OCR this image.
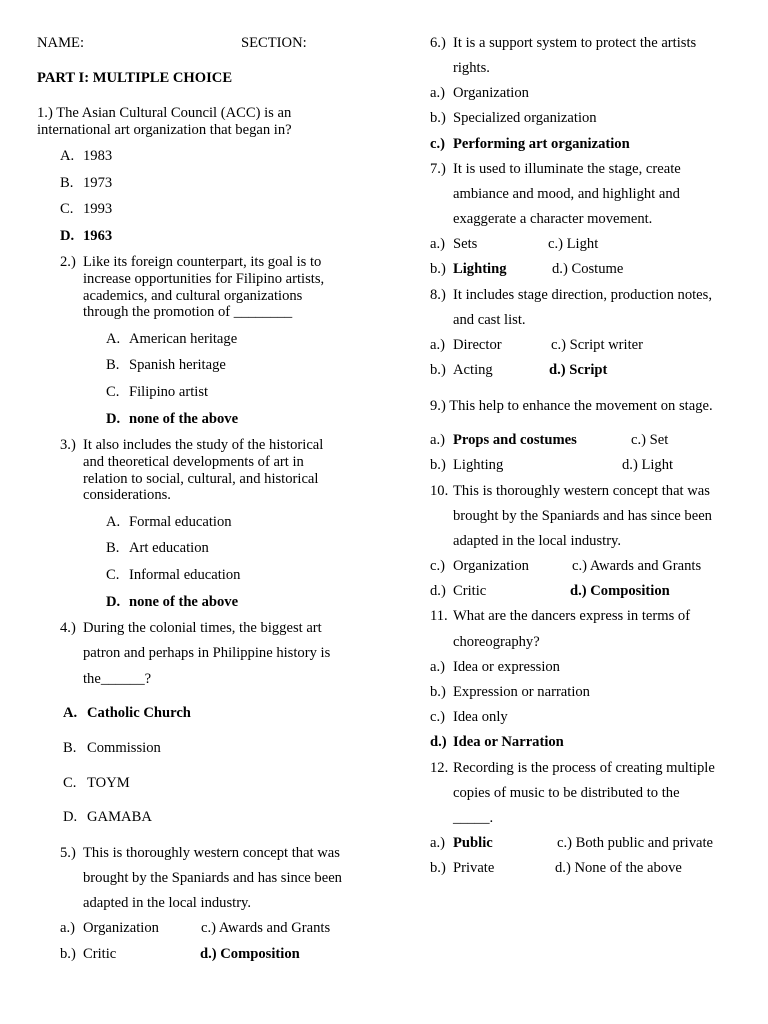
NAME:	SECTION:
PART I: MULTIPLE CHOICE
1.) The Asian Cultural Council (ACC) is an
international art organization that began in?
A. 1983
B. 1973
C. 1993
D. 1963
2.) Like its foreign counterpart, its goal is to
increase opportunities for Filipino artists,
academics, and cultural organizations
through the promotion of ________
A. American heritage
B. Spanish heritage
C. Filipino artist
D. none of the above
3.) It also includes the study of the historical
and theoretical developments of art in
relation to social, cultural, and historical
considerations.
A. Formal education
B. Art education
C. Informal education
D. none of the above
4.) During the colonial times, the biggest art
patron and perhaps in Philippine history is
the______?
A. Catholic Church
B. Commission
C. TOYM
D. GAMABA
5.) This is thoroughly western concept that was
brought by the Spaniards and has since been
adapted in the local industry.
a.) Organization	c.) Awards and Grants
b.) Critic	d.) Composition
6.) It is a support system to protect the artists
rights.
a.) Organization
b.) Specialized organization
c.) Performing art organization
7.) It is used to illuminate the stage, create
ambiance and mood, and highlight and
exaggerate a character movement.
a.) Sets	c.) Light
b.) Lighting	d.) Costume
8.) It includes stage direction, production notes,
and cast list.
a.) Director	c.) Script writer
b.) Acting	d.) Script
9.) This help to enhance the movement on stage.
a.) Props and costumes	c.) Set
b.) Lighting	d.) Light
10. This is thoroughly western concept that was
brought by the Spaniards and has since been
adapted in the local industry.
c.) Organization	c.) Awards and Grants
d.) Critic	d.) Composition
11. What are the dancers express in terms of
choreography?
a.) Idea or expression
b.) Expression or narration
c.) Idea only
d.) Idea or Narration
12. Recording is the process of creating multiple
copies of music to be distributed to the
_____.
a.) Public	c.) Both public and private
b.) Private	d.) None of the above
